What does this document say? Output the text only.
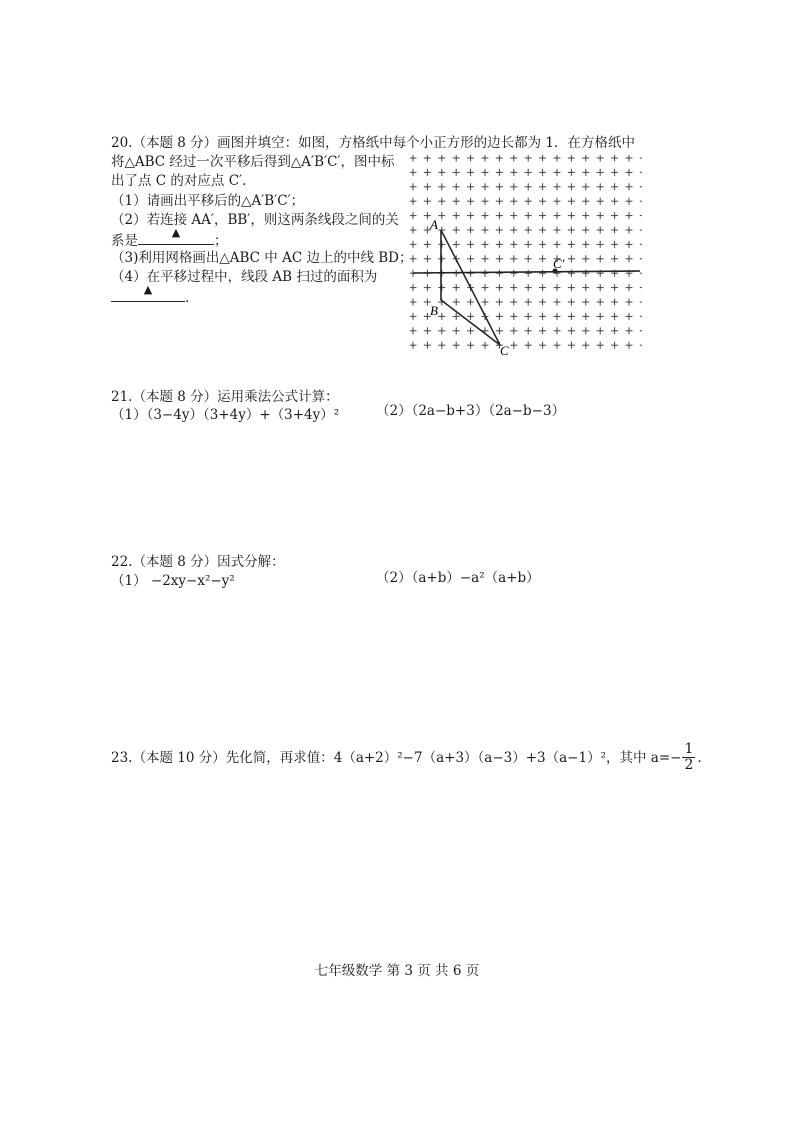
20.（本题 8 分）画图并填空：如图，方格纸中每个小正方形的边长都为 1．在方格纸中
将△ABC 经过一次平移后得到△A′B′C′，图中标
出了点 C 的对应点 C′.
（1）请画出平移后的△A′B′C′；
（2）若连接 AA′，BB′，则这两条线段之间的关
系是
▲
；
（3)利用网格画出△ABC 中 AC 边上的中线 BD；
（4）在平移过程中，线段 AB 扫过的面积为
▲
.
A
B
C
C′
21.（本题 8 分）运用乘法公式计算：
（1）（3−4y）（3+4y）+（3+4y）²	（2）（2a−b+3）（2a−b−3）
22.（本题 8 分）因式分解：
（1） −2xy−x²−y²	（2）（a+b）−a²（a+b）
23.（本题 10 分）先化简，再求值：4（a+2）²−7（a+3）（a−3）+3（a−1）²，其中 $a=- \frac{1}{2}$ .
七年级数学 第 3 页 共 6 页
